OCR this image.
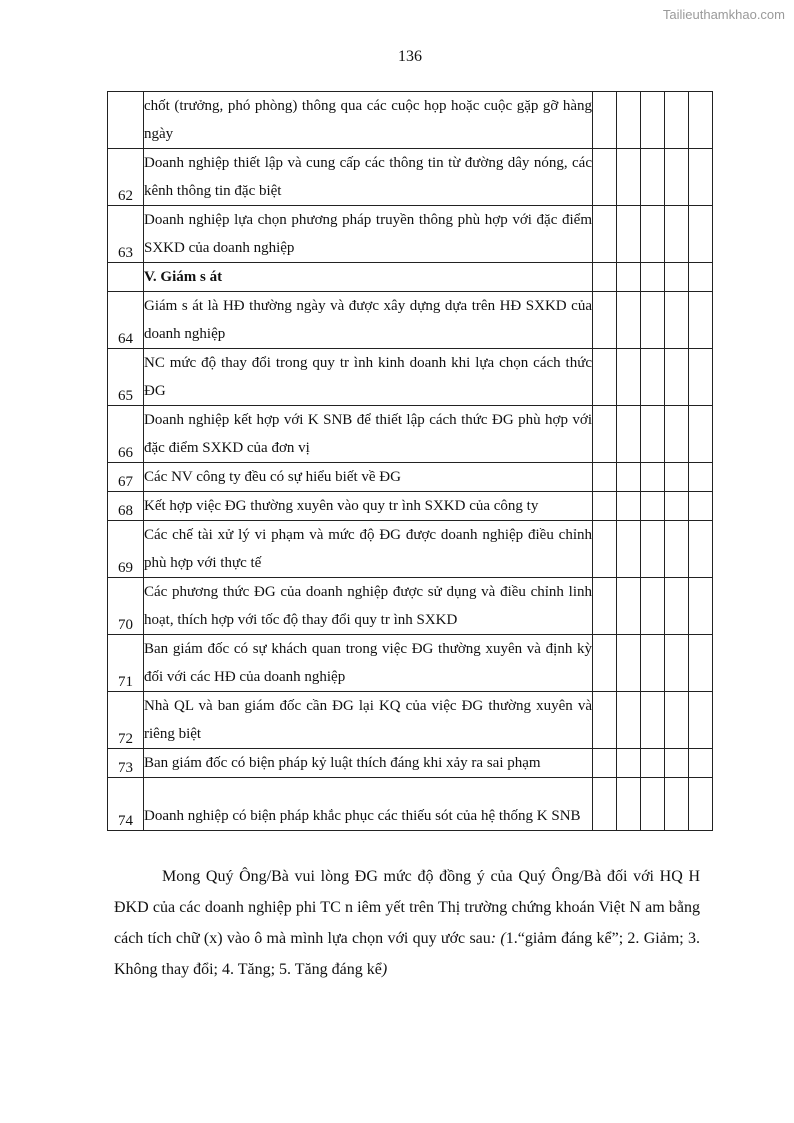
Tailieuthamkhao.com
136
	chốt (trưởng, phó phòng) thông qua các cuộc họp hoặc cuộc gặp gỡ hàng ngày					
62	Doanh nghiệp thiết lập và cung cấp các thông tin từ đường dây nóng, các kênh thông tin đặc biệt					
63	Doanh nghiệp lựa chọn phương pháp truyền thông phù hợp với đặc điểm SXKD của doanh nghiệp					
	V. Giám s át					
64	Giám s át là HĐ thường ngày và được xây dựng dựa trên HĐ SXKD của doanh nghiệp					
65	NC mức độ thay đổi trong quy tr ình kinh doanh khi lựa chọn cách thức ĐG					
66	Doanh nghiệp kết hợp với K SNB để thiết lập cách thức ĐG phù hợp với đặc điểm SXKD của đơn vị					
67	Các NV công ty đều có sự hiểu biết về ĐG					
68	Kết hợp việc ĐG thường xuyên vào quy tr ình SXKD của công ty					
69	Các chế tài xử lý vi phạm và mức độ ĐG được doanh nghiệp điều chỉnh phù hợp với thực tế					
70	Các phương thức ĐG của doanh nghiệp được sử dụng và điều chỉnh linh hoạt, thích hợp với tốc độ thay đổi quy tr ình SXKD					
71	Ban giám đốc có sự khách quan trong việc ĐG thường xuyên và định kỳ đối với các HĐ của doanh nghiệp					
72	Nhà QL và ban giám đốc cần ĐG lại KQ của việc ĐG thường xuyên và riêng biệt					
73	Ban giám đốc có biện pháp kỷ luật thích đáng khi xảy ra sai phạm					
74	Doanh nghiệp có biện pháp khắc phục các thiếu sót của hệ thống K SNB					

Mong Quý Ông/Bà vui lòng ĐG mức độ đồng ý của Quý Ông/Bà đối với HQ H ĐKD của các doanh nghiệp phi TC n iêm yết trên Thị trường chứng khoán Việt N am bằng cách tích chữ (x) vào ô mà mình lựa chọn với quy ước sau: (1.“giảm đáng kể”; 2. Giảm; 3. Không thay đổi; 4. Tăng; 5. Tăng đáng kể)
